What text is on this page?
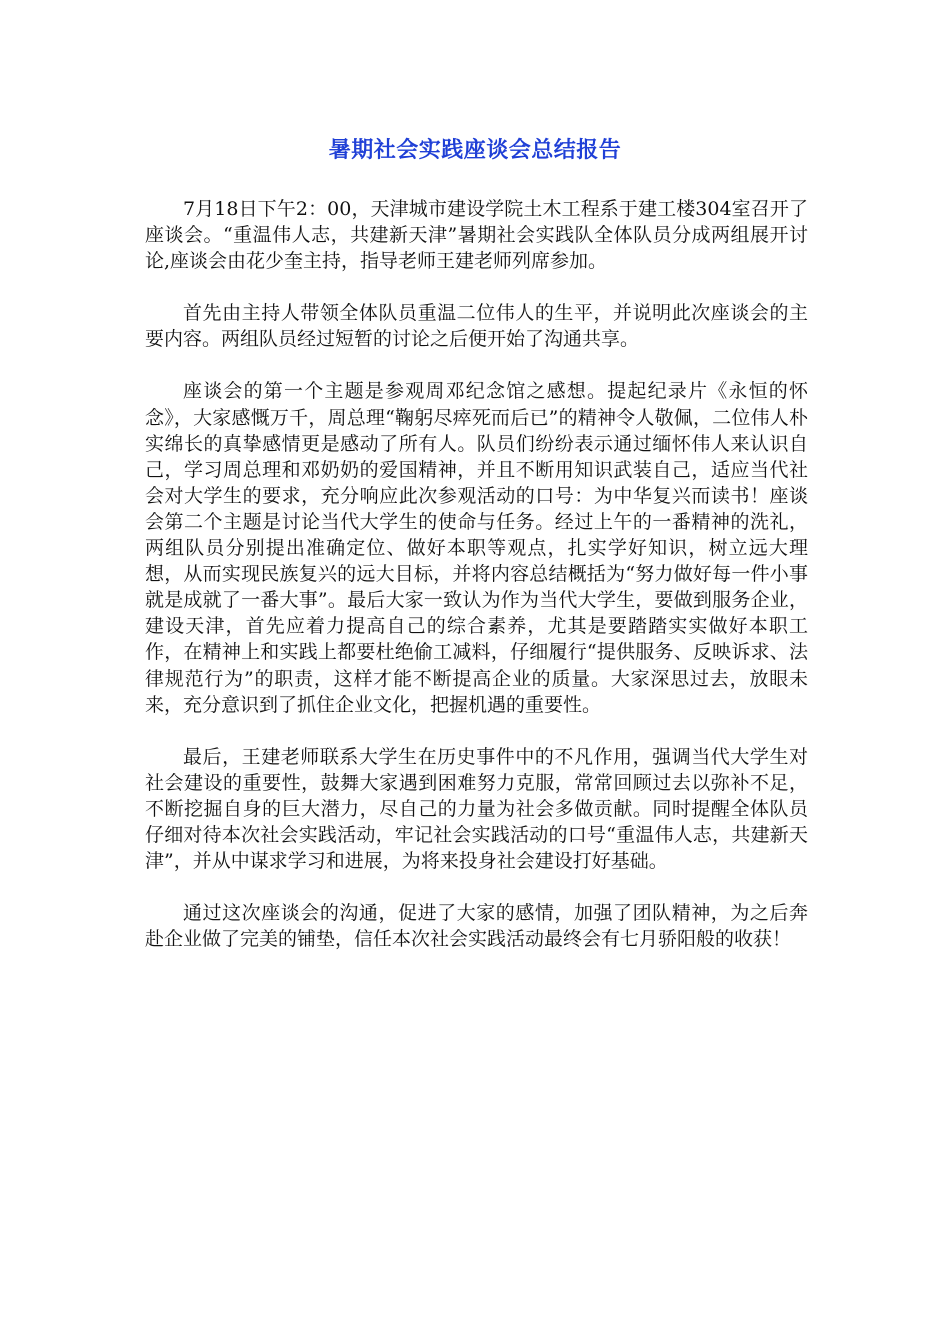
暑期社会实践座谈会总结报告

7月18日下午2：00，天津城市建设学院土木工程系于建工楼304室召开了座谈会。“重温伟人志，共建新天津”暑期社会实践队全体队员分成两组展开讨论,座谈会由花少奎主持，指导老师王建老师列席参加。

首先由主持人带领全体队员重温二位伟人的生平，并说明此次座谈会的主要内容。两组队员经过短暂的讨论之后便开始了沟通共享。

座谈会的第一个主题是参观周邓纪念馆之感想。提起纪录片《永恒的怀念》，大家感慨万千，周总理“鞠躬尽瘁死而后已”的精神令人敬佩，二位伟人朴实绵长的真挚感情更是感动了所有人。队员们纷纷表示通过缅怀伟人来认识自己，学习周总理和邓奶奶的爱国精神，并且不断用知识武装自己，适应当代社会对大学生的要求，充分响应此次参观活动的口号：为中华复兴而读书！座谈会第二个主题是讨论当代大学生的使命与任务。经过上午的一番精神的洗礼，两组队员分别提出准确定位、做好本职等观点，扎实学好知识，树立远大理想，从而实现民族复兴的远大目标，并将内容总结概括为“努力做好每一件小事就是成就了一番大事”。最后大家一致认为作为当代大学生，要做到服务企业，建设天津，首先应着力提高自己的综合素养，尤其是要踏踏实实做好本职工作，在精神上和实践上都要杜绝偷工减料，仔细履行“提供服务、反映诉求、法律规范行为”的职责，这样才能不断提高企业的质量。大家深思过去，放眼未来，充分意识到了抓住企业文化，把握机遇的重要性。

最后，王建老师联系大学生在历史事件中的不凡作用，强调当代大学生对社会建设的重要性，鼓舞大家遇到困难努力克服，常常回顾过去以弥补不足，不断挖掘自身的巨大潜力，尽自己的力量为社会多做贡献。同时提醒全体队员仔细对待本次社会实践活动，牢记社会实践活动的口号“重温伟人志，共建新天津”，并从中谋求学习和进展，为将来投身社会建设打好基础。

通过这次座谈会的沟通，促进了大家的感情，加强了团队精神，为之后奔赴企业做了完美的铺垫，信任本次社会实践活动最终会有七月骄阳般的收获！
